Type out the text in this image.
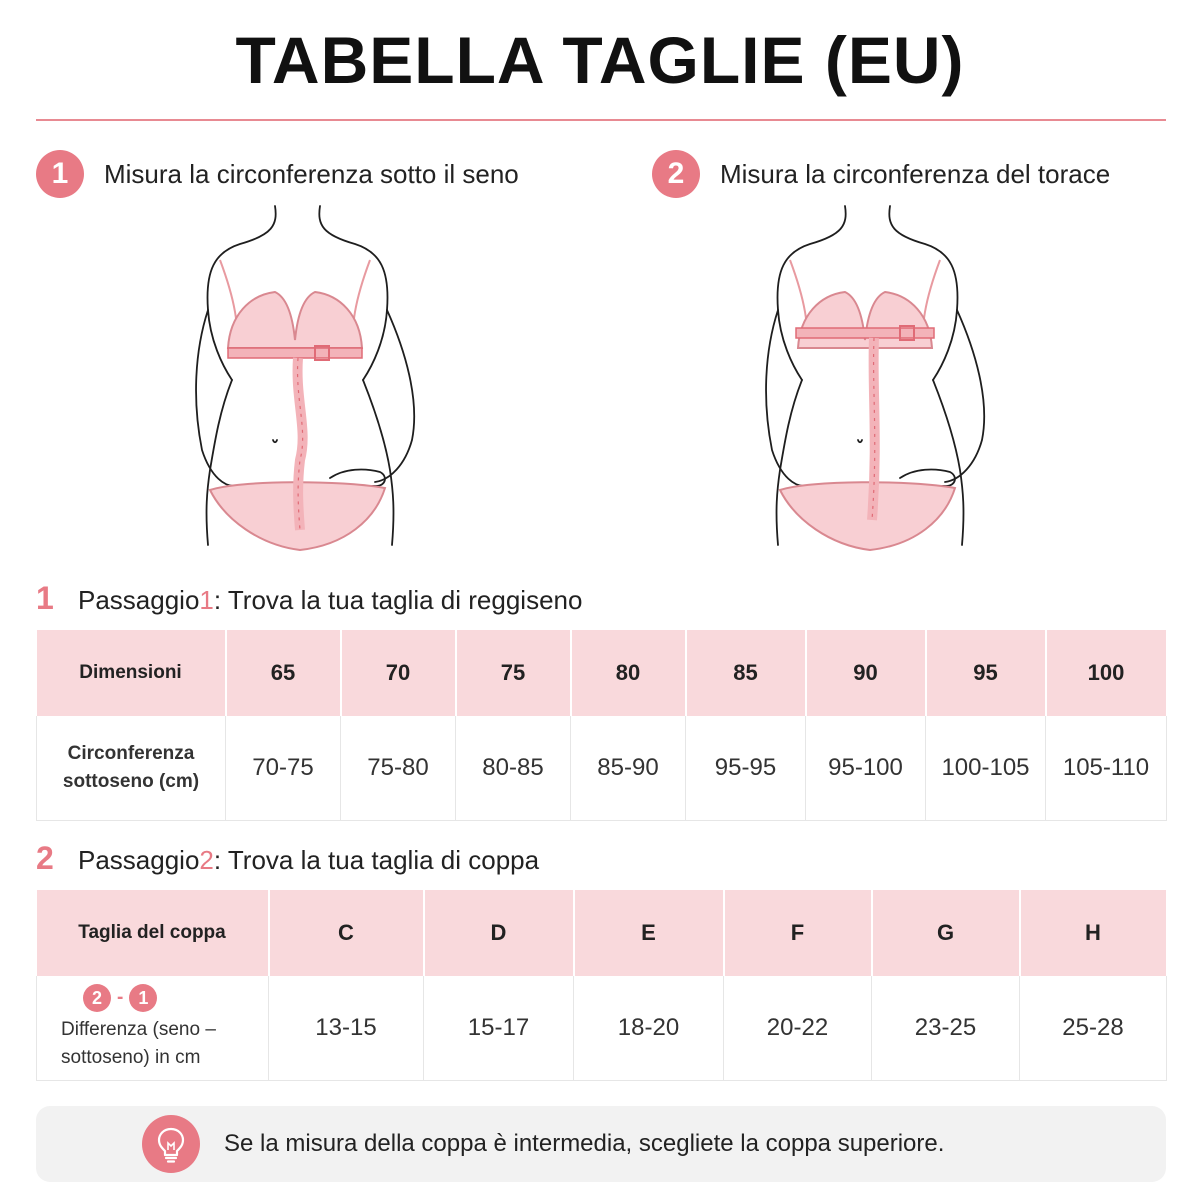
TABELLA TAGLIE (EU)
1	Misura la circonferenza sotto il seno	2	Misura la circonferenza del torace
1 Passaggio 1 : Trova la tua taglia di reggiseno
Dimensioni	65	70	75	80	85	90	95	100
Circonferenza
sottoseno (cm)	70-75	75-80	80-85	85-90	95-95	95-100	100-105	105-110
2 Passaggio 2 : Trova la tua taglia di coppa
Taglia del coppa	C	D	E	F	G	H

2 - 1

Differenza (seno –
sottoseno) in cm	13-15	15-17	18-20	20-22	23-25	25-28
Se la misura della coppa è intermedia, scegliete la coppa superiore.
